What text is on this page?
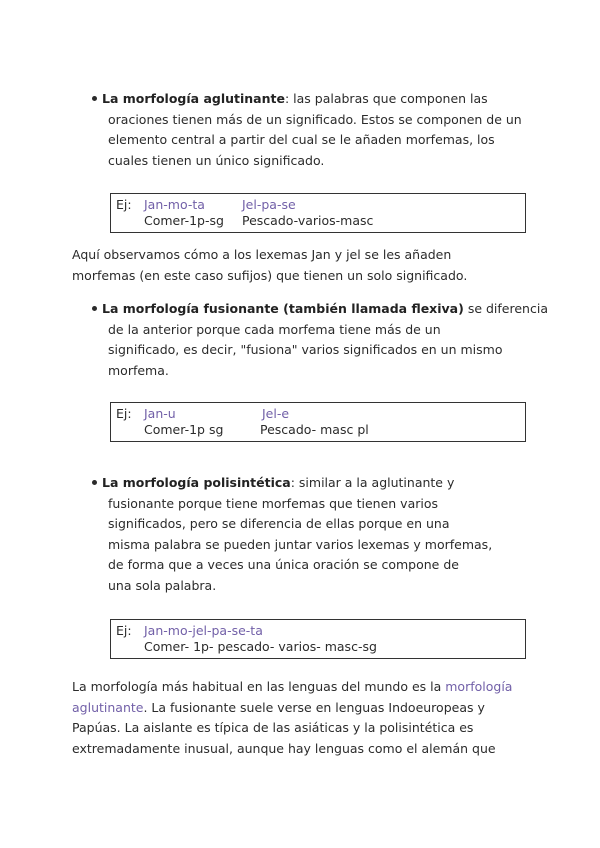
La morfología aglutinante: las palabras que componen las
oraciones tienen más de un significado. Estos se componen de un
elemento central a partir del cual se le añaden morfemas, los
cuales tienen un único significado.
Ej: Jan-mo-ta	Jel-pa-se
Comer-1p-sg Pescado-varios-masc
Aquí observamos cómo a los lexemas Jan y jel se les añaden
morfemas (en este caso sufijos) que tienen un solo significado.
La morfología fusionante (también llamada flexiva) se diferencia
de la anterior porque cada morfema tiene más de un
significado, es decir, "fusiona" varios significados en un mismo
morfema.
Ej: Jan-u	Jel-e
Comer-1p sg	Pescado- masc pl
La morfología polisintética: similar a la aglutinante y
fusionante porque tiene morfemas que tienen varios
significados, pero se diferencia de ellas porque en una
misma palabra se pueden juntar varios lexemas y morfemas,
de forma que a veces una única oración se compone de
una sola palabra.
Ej: Jan-mo-jel-pa-se-ta
Comer- 1p- pescado- varios- masc-sg
La morfología más habitual en las lenguas del mundo es la morfología
aglutinante. La fusionante suele verse en lenguas Indoeuropeas y
Papúas. La aislante es típica de las asiáticas y la polisintética es
extremadamente inusual, aunque hay lenguas como el alemán que
